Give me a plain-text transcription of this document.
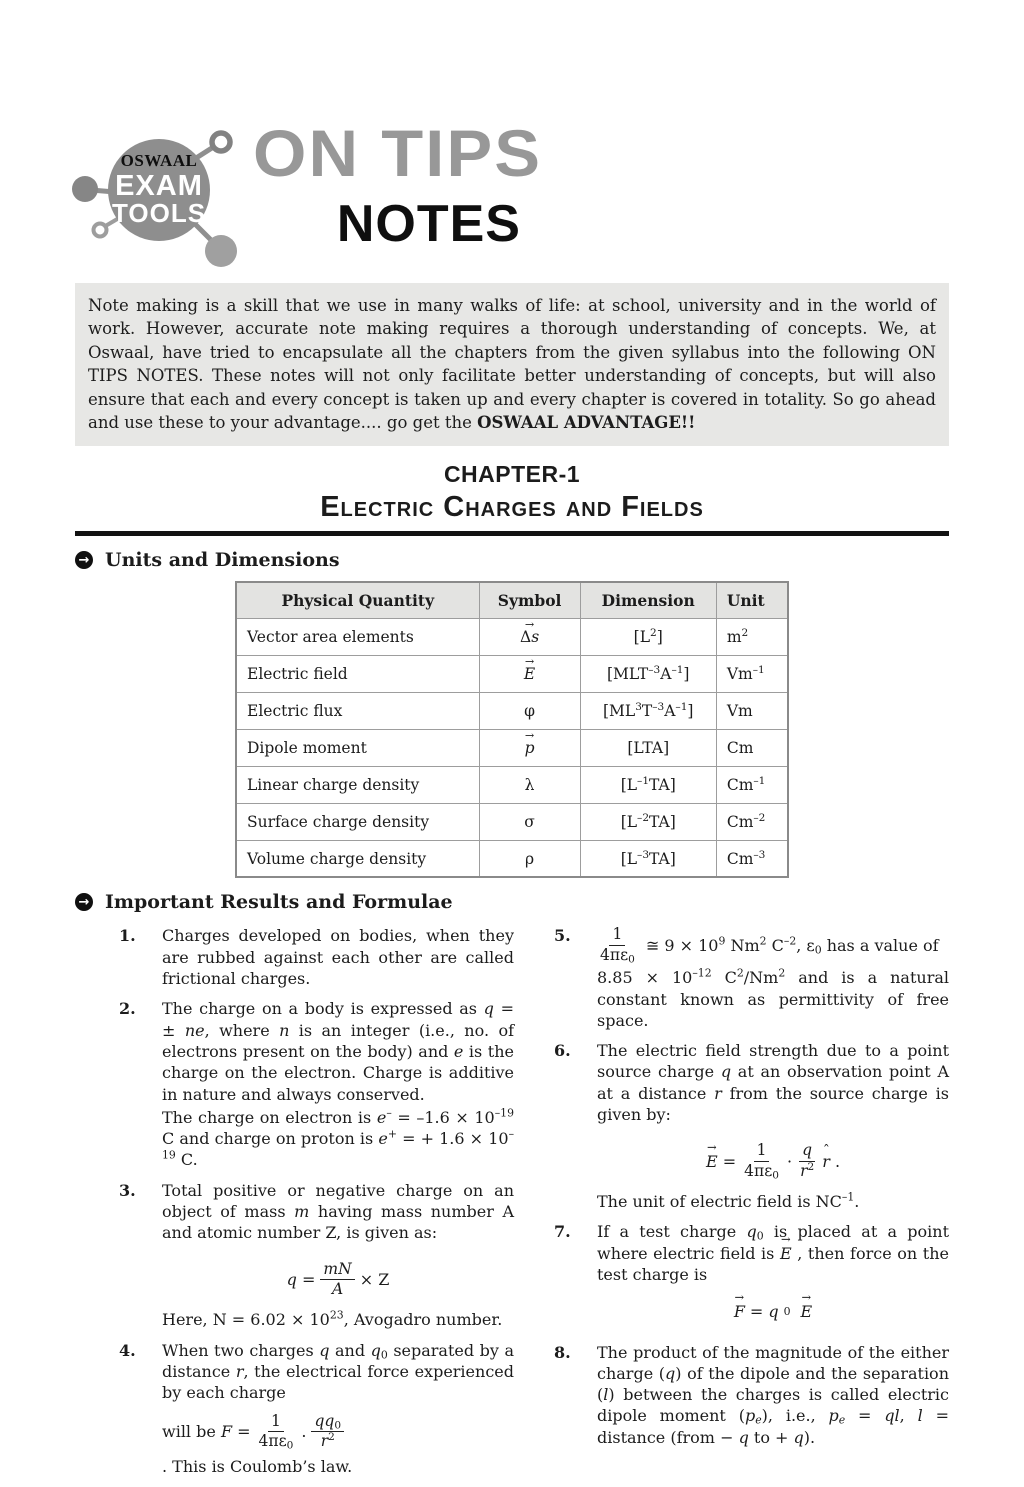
OSWAAL
EXAM
TOOLS
ON TIPS
NOTES
Note making is a skill that we use in many walks of life: at school, university and in the world of work. However, accurate note making requires a thorough understanding of concepts. We, at Oswaal, have tried to encapsulate all the chapters from the given syllabus into the following ON TIPS NOTES. These notes will not only facilitate better understanding of concepts, but will also ensure that each and every concept is taken up and every chapter is covered in totality. So go ahead and use these to your advantage.... go get the OSWAAL ADVANTAGE!!
CHAPTER-1
Electric Charges and Fields
→ Units and Dimensions
Physical Quantity	Symbol	Dimension	Unit
Vector area elements	→ Δs	$[L^2]$	$m^2$
Electric field	→ E	$[MLT^{-3}A^{-1}]$	$Vm^{-1}$
Electric flux	φ	$[ML^3T^{-3}A^{-1}]$	Vm
Dipole moment	→ p	[LTA]	Cm
Linear charge density	λ	$[L^{-1}TA]$	$Cm^{-1}$
Surface charge density	σ	$[L^{-2}TA]$	$Cm^{-2}$
Volume charge density	ρ	$[L^{-3}TA]$	$Cm^{-3}$
→ Important Results and Formulae
1.	Charges developed on bodies, when they are rubbed against each other are called frictional charges.
2.	The charge on a body is expressed as q = ± ne, where n is an integer (i.e., no. of electrons present on the body) and e is the charge on the electron. Charge is additive in nature and always conserved.
The charge on electron is $e^- = -1.6 \times 10^{-19}$ C and charge on proton is e+ = + $1.6 \times 10^{-19}$ C.
3.	Total positive or negative charge on an object of mass m having mass number A and atomic number Z, is given as:
$q = \frac{mN}{A} \times Z$
Here, $N = 6.02 \times 10^{23}$, Avogadro number.
4.	When two charges q and $q_0$ separated by a distance r, the electrical force experienced by each charge
will be $F = \frac{1}{4\pi\varepsilon_0}$ . $\frac{qq_0}{r^2}$
. This is Coulomb’s law.
5.	$\frac{1}{4\pi\varepsilon_0}$ ≅ $9 \times 10^9$ Nm$^2$ $C^{-2}$, $\varepsilon_0$ has a value of
$8.85 \times 10^{-12}$ $C^2/Nm^2$ and is a natural constant known as permittivity of free space.
6.	The electric field strength due to a point source charge q at an observation point A at a distance r from the source charge is given by:
→ $E = \frac{1}{4\pi\varepsilon_0} \cdot \frac{q}{r^2}$ ˆ r .
The unit of electric field is $NC^{-1}$.
7.	If a test charge $q_0$ is placed at a point where electric field is → E , then force on the test charge is
→ F = q 0 → E
8.	The product of the magnitude of the either charge (q) of the dipole and the separation (l) between the charges is called electric dipole moment $(p_e)$, i.e., $p_e$ = ql, l = distance (from − q to + q).
